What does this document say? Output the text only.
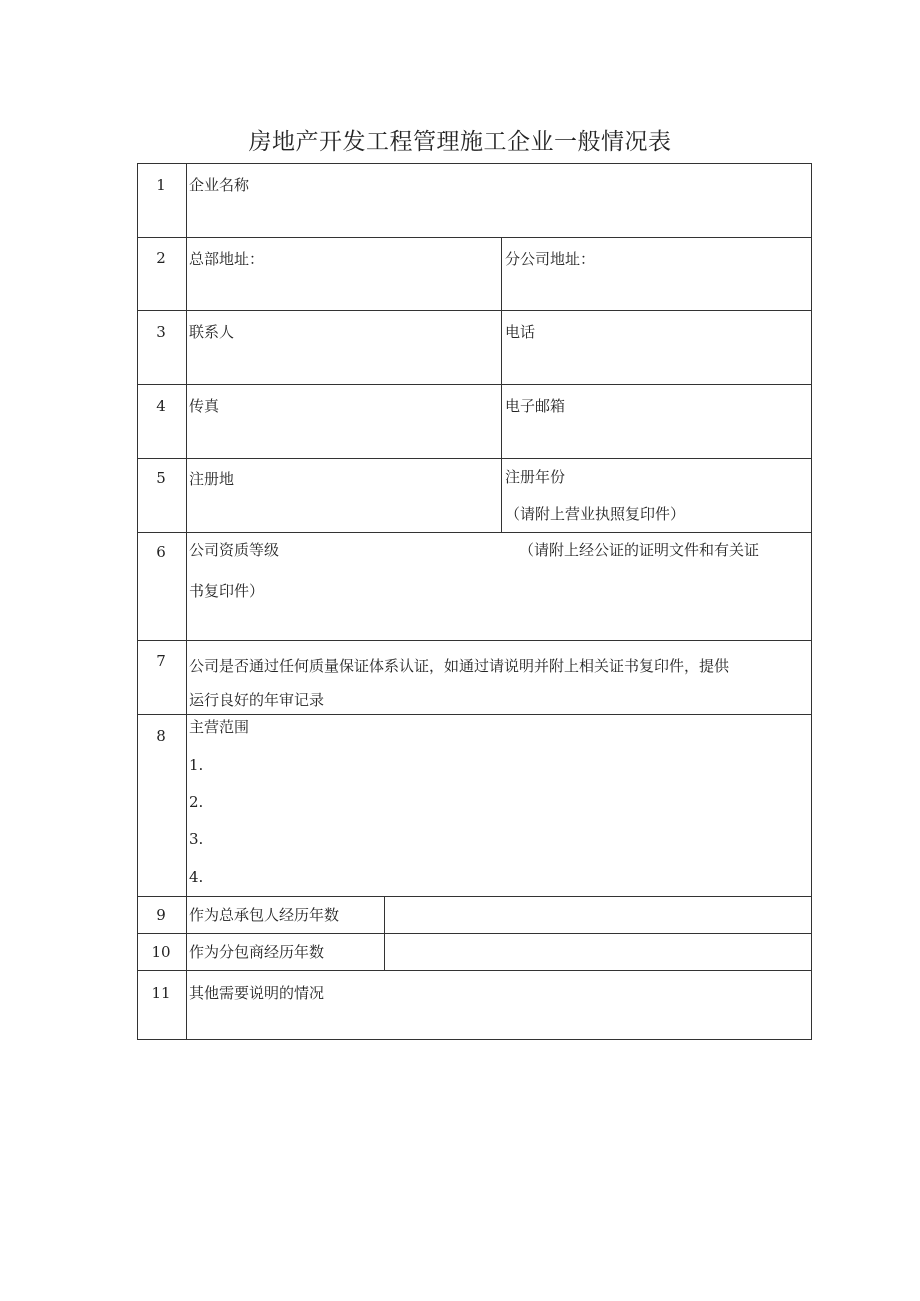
房地产开发工程管理施工企业一般情况表
1	企业名称
2	总部地址：	分公司地址：
3	联系人	电话
4	传真	电子邮箱
5	注册地	注册年份
（请附上营业执照复印件）
6	公司资质等级	（请附上经公证的证明文件和有关证
书复印件）
7	公司是否通过任何质量保证体系认证，如通过请说明并附上相关证书复印件，提供
运行良好的年审记录
8	主营范围
1.
2.
3.
4.
9	作为总承包人经历年数
10	作为分包商经历年数
11	其他需要说明的情况
